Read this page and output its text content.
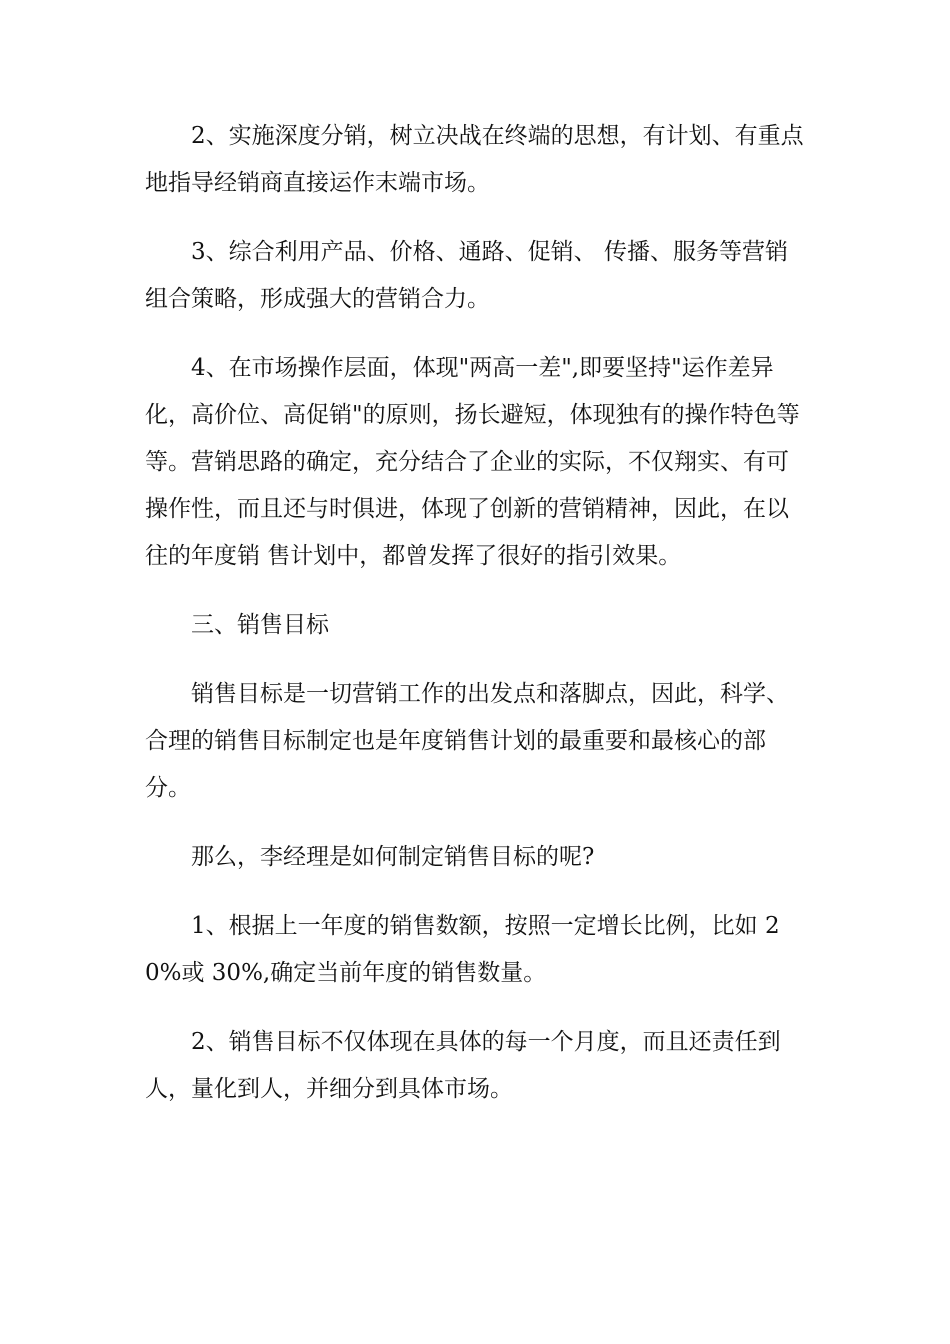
2、实施深度分销，树立决战在终端的思想，有计划、有重点地指导经销商直接运作末端市场。

3、综合利用产品、价格、通路、促销、 传播、服务等营销组合策略，形成强大的营销合力。

4、在市场操作层面，体现"两高一差",即要坚持"运作差异化，高价位、高促销"的原则，扬长避短，体现独有的操作特色等等。营销思路的确定，充分结合了企业的实际，不仅翔实、有可操作性，而且还与时俱进，体现了创新的营销精神，因此，在以往的年度销 售计划中，都曾发挥了很好的指引效果。

三、销售目标

销售目标是一切营销工作的出发点和落脚点，因此，科学、合理的销售目标制定也是年度销售计划的最重要和最核心的部分。

那么，李经理是如何制定销售目标的呢?

1、根据上一年度的销售数额，按照一定增长比例，比如 20%或 30%,确定当前年度的销售数量。

2、销售目标不仅体现在具体的每一个月度，而且还责任到人，量化到人，并细分到具体市场。
